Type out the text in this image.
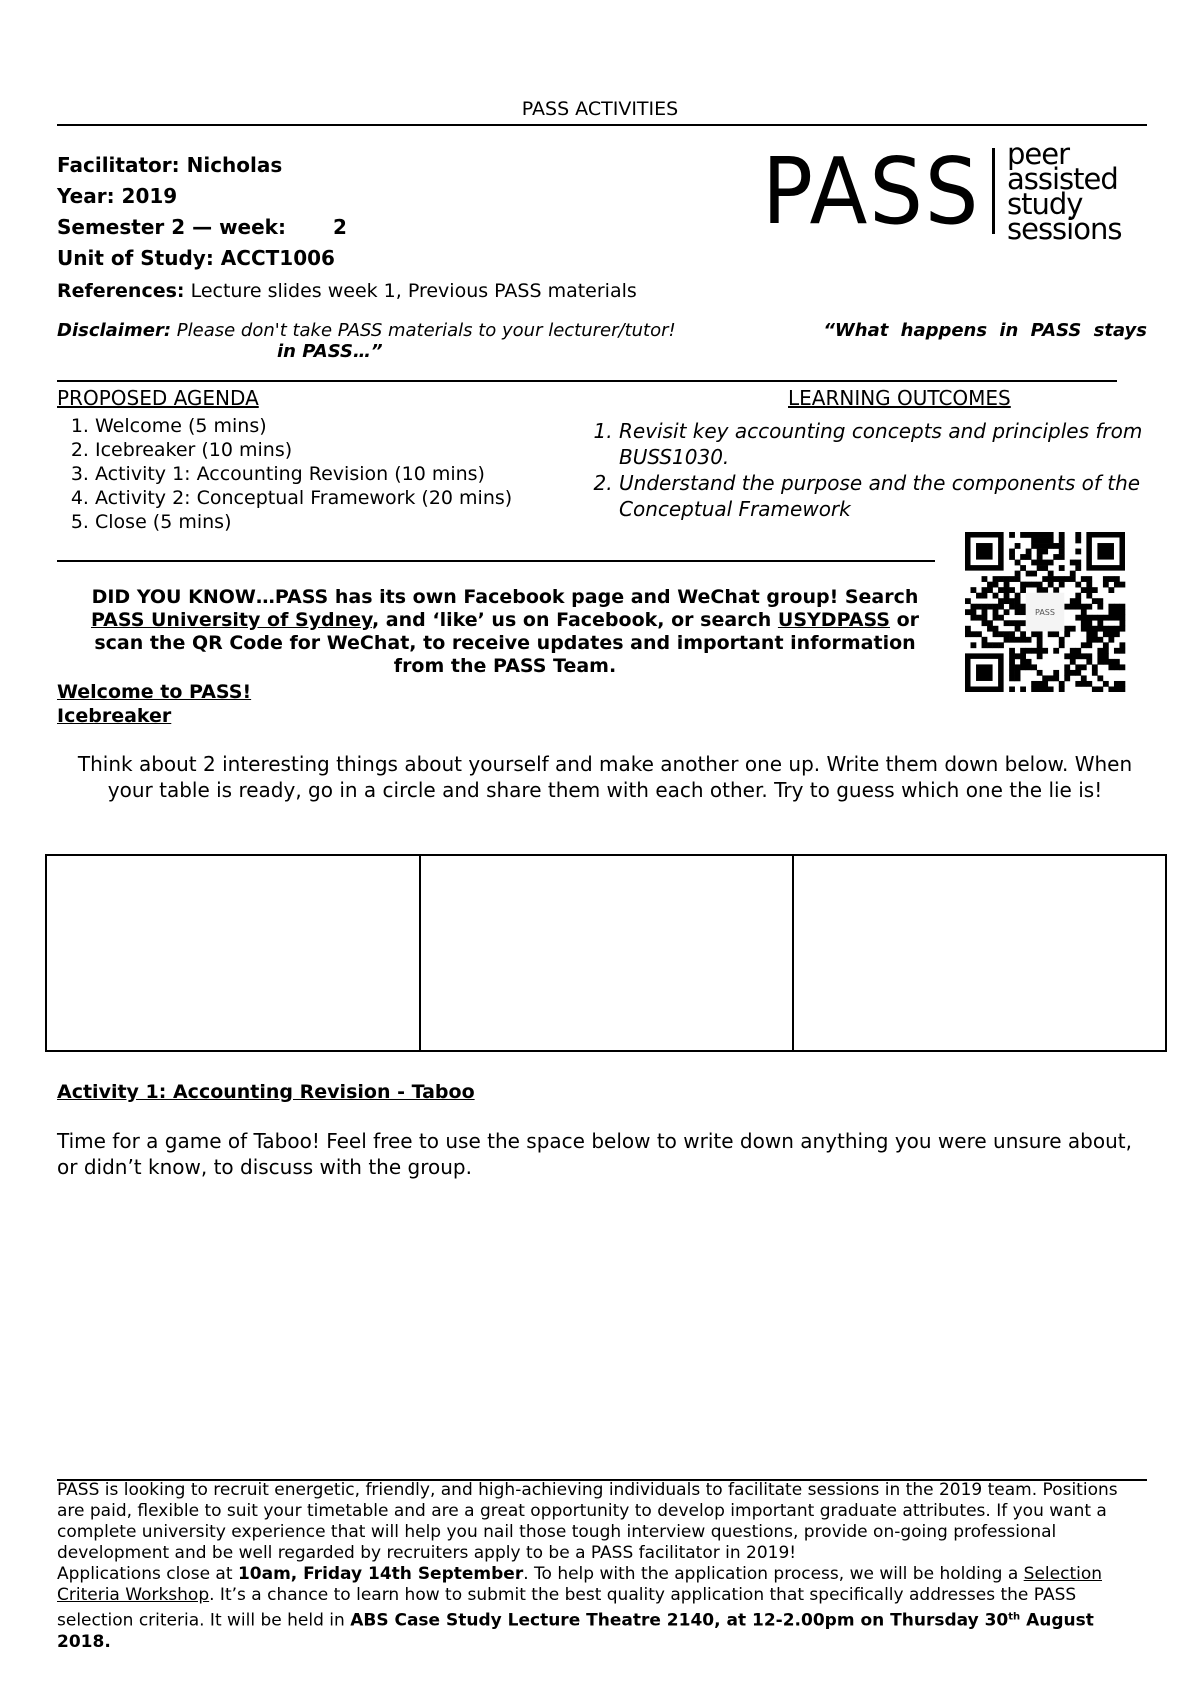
PASS ACTIVITIES
Facilitator: Nicholas
Year: 2019
Semester 2 — week: 2
Unit of Study: ACCT1006
References: Lecture slides week 1, Previous PASS materials
PASS peer
assisted
study
sessions
Disclaimer: Please don't take PASS materials to your lecturer/tutor!	“What happens in PASS stays
in PASS…”
PROPOSED AGENDA
1. Welcome (5 mins)
2. Icebreaker (10 mins)
3. Activity 1: Accounting Revision (10 mins)
4. Activity 2: Conceptual Framework (20 mins)
5. Close (5 mins)
LEARNING OUTCOMES
1. Revisit key accounting concepts and principles from BUSS1030.
2. Understand the purpose and the components of the Conceptual Framework
PASS
DID YOU KNOW…PASS has its own Facebook page and WeChat group! Search PASS University of Sydney, and ‘like’ us on Facebook, or search USYDPASS or scan the QR Code for WeChat, to receive updates and important information from the PASS Team.
Welcome to PASS!
Icebreaker
Think about 2 interesting things about yourself and make another one up. Write them down below. When your table is ready, go in a circle and share them with each other. Try to guess which one the lie is!
Activity 1: Accounting Revision - Taboo
Time for a game of Taboo! Feel free to use the space below to write down anything you were unsure about, or didn’t know, to discuss with the group.
PASS is looking to recruit energetic, friendly, and high-achieving individuals to facilitate sessions in the 2019 team. Positions are paid, flexible to suit your timetable and are a great opportunity to develop important graduate attributes. If you want a complete university experience that will help you nail those tough interview questions, provide on-going professional development and be well regarded by recruiters apply to be a PASS facilitator in 2019!
Applications close at 10am, Friday 14th September. To help with the application process, we will be holding a Selection Criteria Workshop. It’s a chance to learn how to submit the best quality application that specifically addresses the PASS selection criteria. It will be held in ABS Case Study Lecture Theatre 2140, at 12-2.00pm on Thursday 30th August 2018.
